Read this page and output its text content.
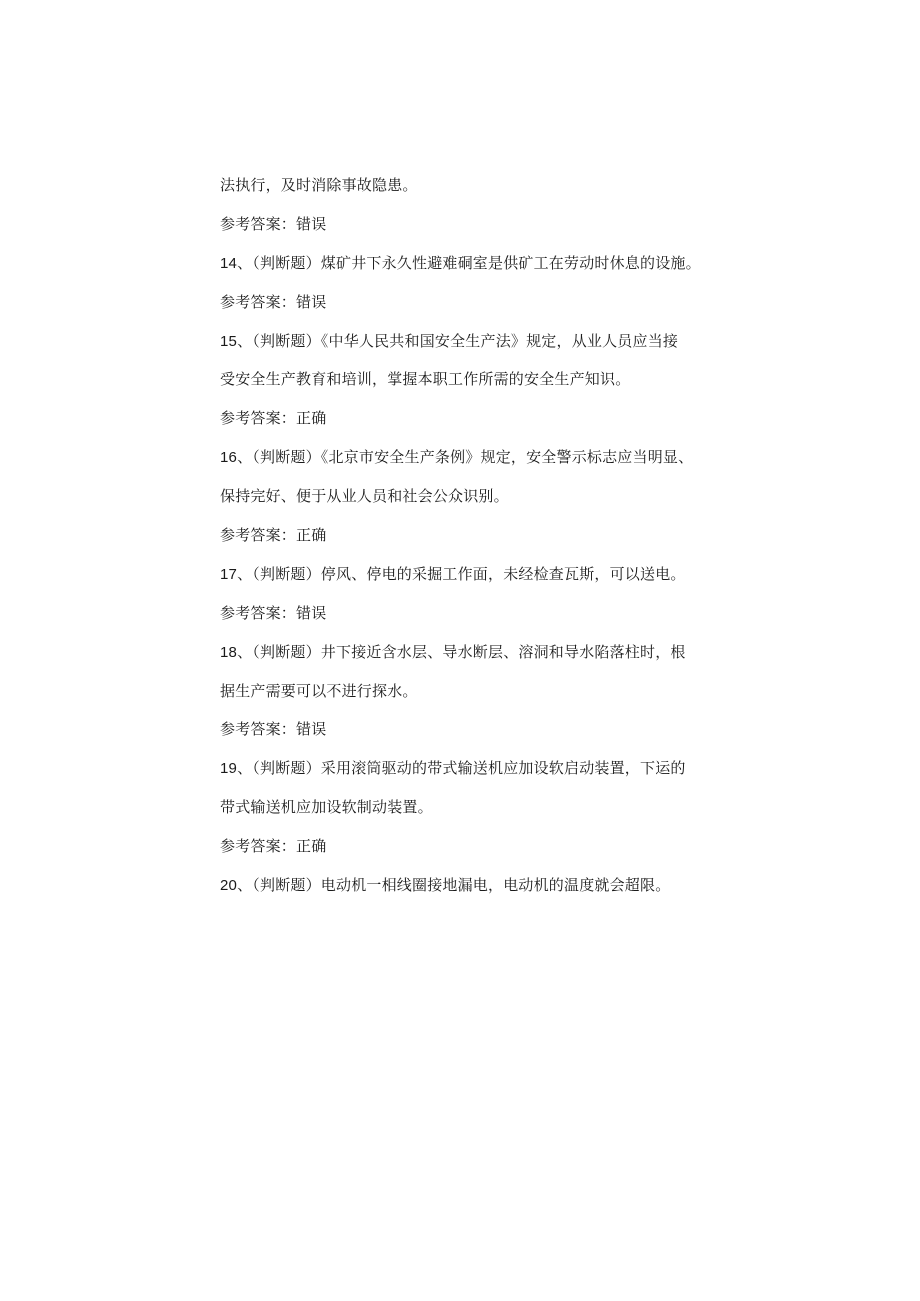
法执行，及时消除事故隐患。
参考答案：错误
14、（判断题）煤矿井下永久性避难硐室是供矿工在劳动时休息的设施。
参考答案：错误
15、（判断题）《中华人民共和国安全生产法》规定，从业人员应当接
受安全生产教育和培训，掌握本职工作所需的安全生产知识。
参考答案：正确
16、（判断题）《北京市安全生产条例》规定，安全警示标志应当明显、
保持完好、便于从业人员和社会公众识别。
参考答案：正确
17、（判断题）停风、停电的采掘工作面，未经检查瓦斯，可以送电。
参考答案：错误
18、（判断题）井下接近含水层、导水断层、溶洞和导水陷落柱时，根
据生产需要可以不进行探水。
参考答案：错误
19、（判断题）采用滚筒驱动的带式输送机应加设软启动装置，下运的
带式输送机应加设软制动装置。
参考答案：正确
20、（判断题）电动机一相线圈接地漏电，电动机的温度就会超限。
